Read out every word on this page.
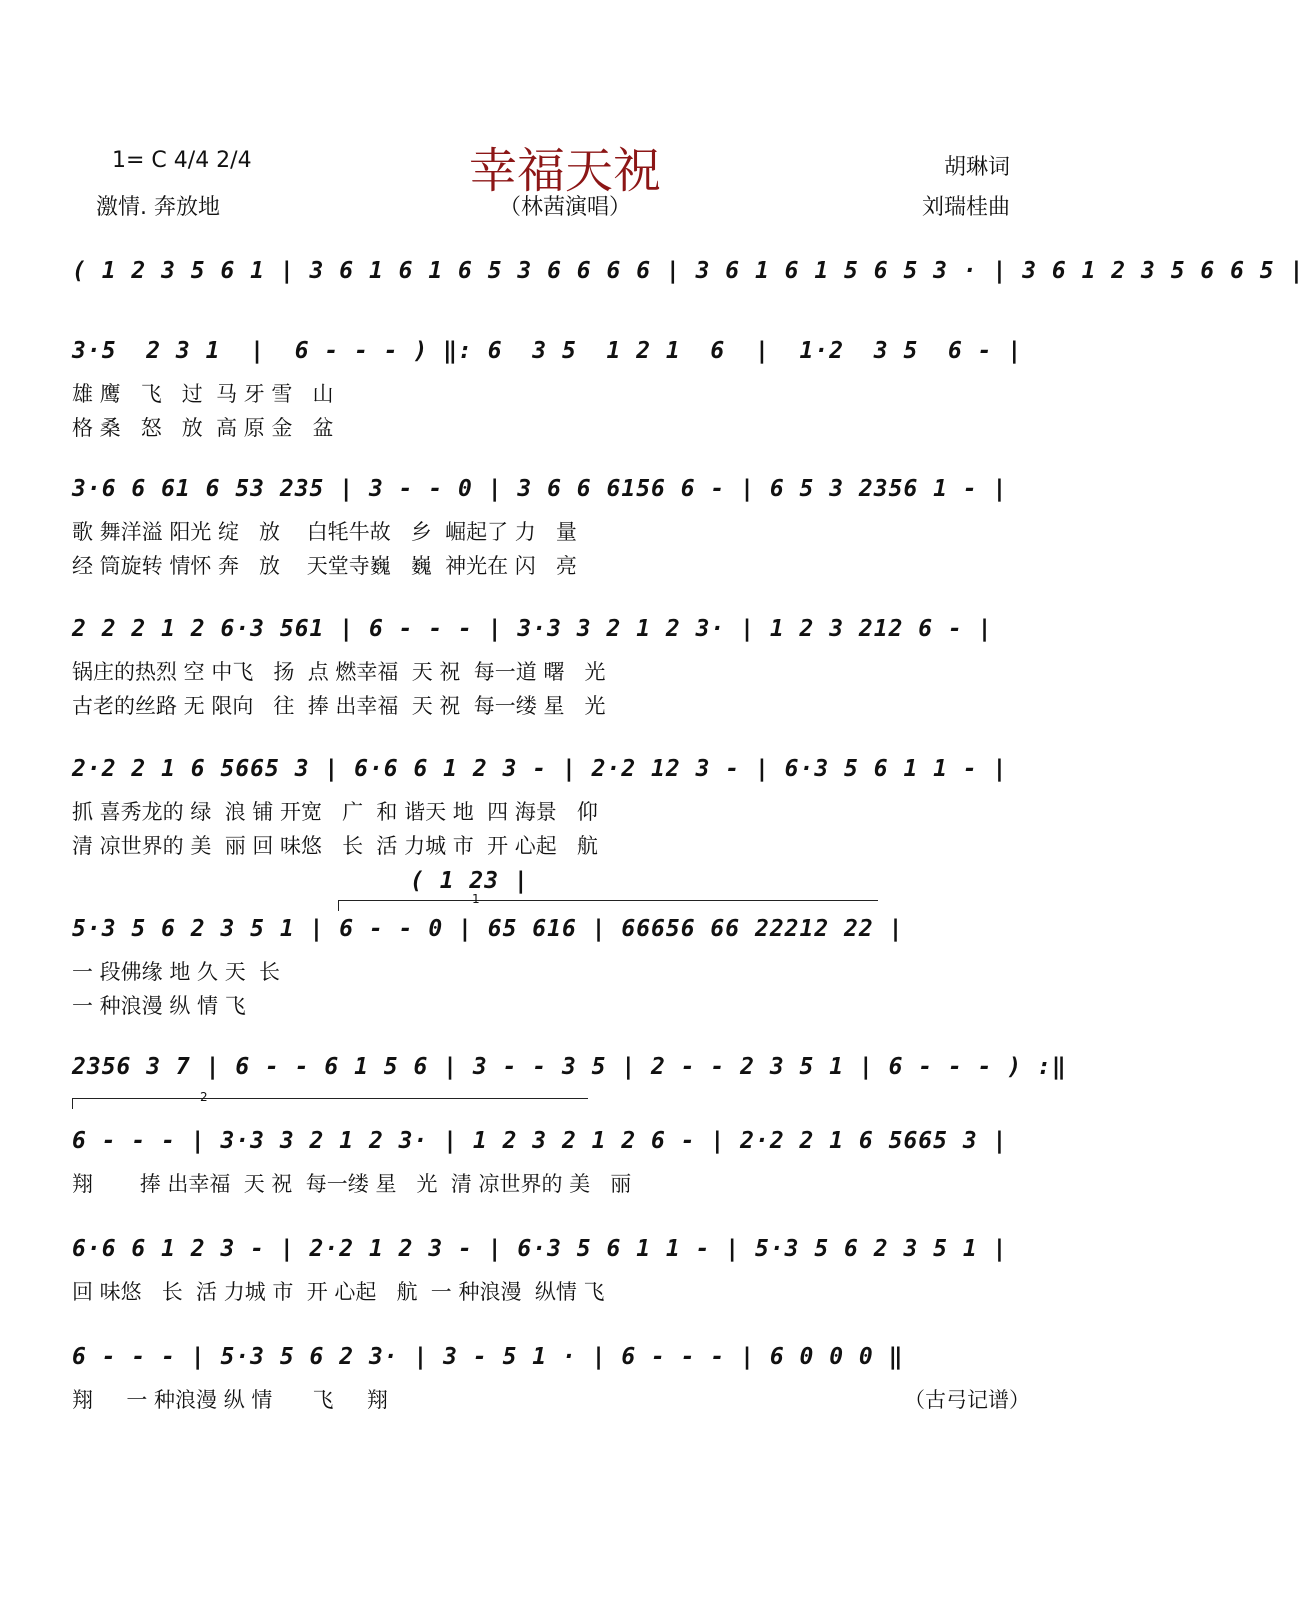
1= C 4/4 2/4
激情. 奔放地
幸福天祝
（林茜演唱）
胡琳词
刘瑞桂曲
( 1 2 3 5 6 1 | 3 6 1 6 1 6 5 3 6 6 6 6 | 3 6 1 6 1 5 6 5 3 · | 3 6 1 2 3 5 6 6 5 |
3·5  2 3 1  |  6 - - - ) ‖: 6  3 5  1 2 1  6  |  1·2  3 5  6 - |
雄 鹰   飞   过  马 牙 雪   山
格 桑   怒   放  高 原 金   盆
3·6 6 61 6 53 235 | 3 - - 0 | 3 6 6 6156 6 - | 6 5 3 2356 1 - |
歌 舞洋溢 阳光 绽   放    白牦牛故   乡  崛起了 力   量
经 筒旋转 情怀 奔   放    天堂寺巍   巍  神光在 闪   亮
2 2 2 1 2 6·3 561 | 6 - - - | 3·3 3 2 1 2 3· | 1 2 3 212 6 - |
锅庄的热烈 空 中飞   扬  点 燃幸福  天 祝  每一道 曙   光
古老的丝路 无 限向   往  捧 出幸福  天 祝  每一缕 星   光
2·2 2 1 6 5665 3 | 6·6 6 1 2 3 - | 2·2 12 3 - | 6·3 5 6 1 1 - |
抓 喜秀龙的 绿  浪 铺 开宽   广  和 谐天 地  四 海景   仰
清 凉世界的 美  丽 回 味悠   长  活 力城 市  开 心起   航
5·3 5 6 2 3 5 1 | 6 - - 0 | 65 616 | 66656 66 22212 22 |
一 段佛缘 地 久 天  长
一 种浪漫 纵 情 飞
( 1 23 |
1
2356 3 7 | 6 - - 6 1 5 6 | 3 - - 3 5 | 2 - - 2 3 5 1 | 6 - - - ) :‖
2
6 - - - | 3·3 3 2 1 2 3· | 1 2 3 2 1 2 6 - | 2·2 2 1 6 5665 3 |
翔       捧 出幸福  天 祝  每一缕 星   光  清 凉世界的 美   丽
6·6 6 1 2 3 - | 2·2 1 2 3 - | 6·3 5 6 1 1 - | 5·3 5 6 2 3 5 1 |
回 味悠   长  活 力城 市  开 心起   航  一 种浪漫  纵情 飞
6 - - - | 5·3 5 6 2 3· | 3 - 5 1 · | 6 - - - | 6 0 0 0 ‖
翔     一 种浪漫 纵 情      飞     翔	（古弓记谱）
